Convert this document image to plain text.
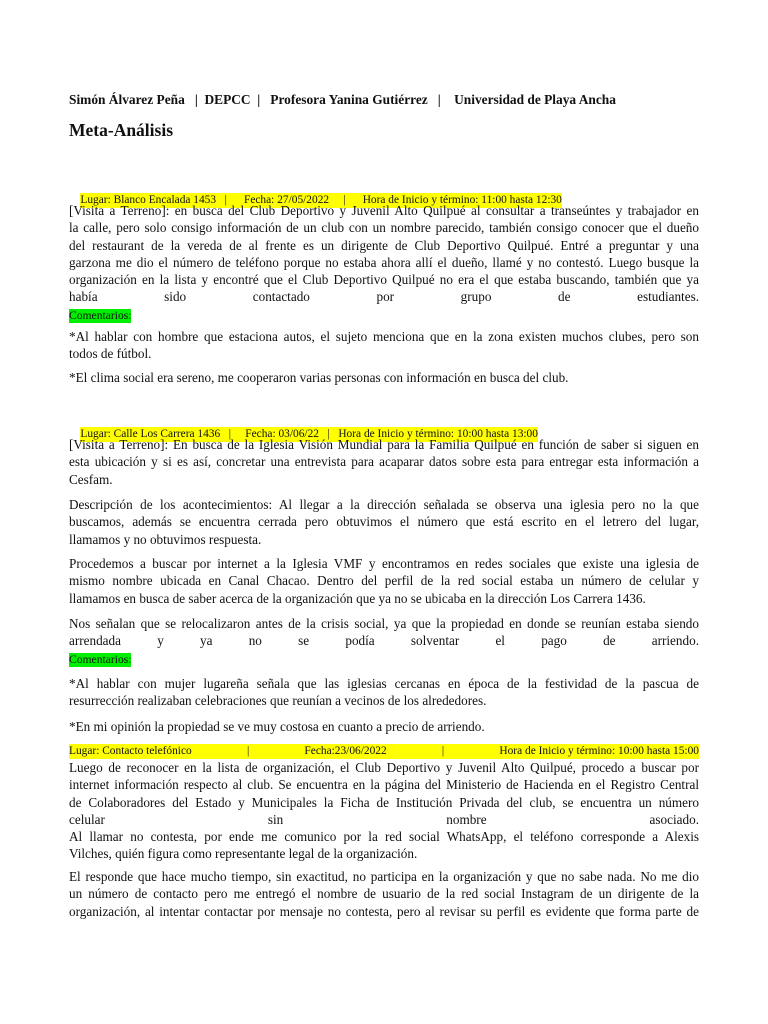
Simón Álvarez Peña   |  DEPCC  |   Profesora Yanina Gutiérrez   |    Universidad de Playa Ancha
Meta-Análisis

Lugar: Blanco Encalada 1453   |      Fecha: 27/05/2022     |      Hora de Inicio y término: 11:00 hasta 12:30

[Visita a Terreno]: en busca del Club Deportivo y Juvenil Alto Quilpué al consultar a transeúntes y trabajador en
la calle, pero solo consigo información de un club con un nombre parecido, también consigo conocer que el dueño
del restaurant de la vereda de al frente es un dirigente de Club Deportivo Quilpué. Entré a preguntar y una
garzona me dio el número de teléfono porque no estaba ahora allí el dueño, llamé y no contestó. Luego busque la
organización en la lista y encontré que el Club Deportivo Quilpué no era el que estaba buscando, también que ya
había sido contactado por grupo de estudiantes.
Comentarios:
*Al hablar con hombre que estaciona autos, el sujeto menciona que en la zona existen muchos clubes, pero son
todos de fútbol.
*El clima social era sereno, me cooperaron varias personas con información en busca del club.

Lugar: Calle Los Carrera 1436   |     Fecha: 03/06/22   |   Hora de Inicio y término: 10:00 hasta 13:00

[Visita a Terreno]: En busca de la Iglesia Visión Mundial para la Familia Quilpué en función de saber si siguen en
esta ubicación y si es así, concretar una entrevista para acaparar datos sobre esta para entregar esta información a
Cesfam.
Descripción de los acontecimientos: Al llegar a la dirección señalada se observa una iglesia pero no la que
buscamos, además se encuentra cerrada pero obtuvimos el número que está escrito en el letrero del lugar,
llamamos y no obtuvimos respuesta.
Procedemos a buscar por internet a la Iglesia VMF y encontramos en redes sociales que existe una iglesia de
mismo nombre ubicada en Canal Chacao. Dentro del perfil de la red social estaba un número de celular y
llamamos en busca de saber acerca de la organización que ya no se ubicaba en la dirección Los Carrera 1436.
Nos señalan que se relocalizaron antes de la crisis social, ya que la propiedad en donde se reunían estaba siendo
arrendada y ya no se podía solventar el pago de arriendo.
Comentarios:
*Al hablar con mujer lugareña señala que las iglesias cercanas en época de la festividad de la pascua de
resurrección realizaban celebraciones que reunían a vecinos de los alrededores.
*En mi opinión la propiedad se ve muy costosa en cuanto a precio de arriendo.
Lugar: Contacto telefónico	|	Fecha:23/06/2022	|	Hora de Inicio y término: 10:00 hasta 15:00
Luego de reconocer en la lista de organización, el Club Deportivo y Juvenil Alto Quilpué, procedo a buscar por
internet información respecto al club. Se encuentra en la página del Ministerio de Hacienda en el Registro Central
de Colaboradores del Estado y Municipales la Ficha de Institución Privada del club, se encuentra un número
celular sin nombre asociado.
Al llamar no contesta, por ende me comunico por la red social WhatsApp, el teléfono corresponde a Alexis
Vilches, quién figura como representante legal de la organización.
El responde que hace mucho tiempo, sin exactitud, no participa en la organización y que no sabe nada. No me dio
un número de contacto pero me entregó el nombre de usuario de la red social Instagram de un dirigente de la
organización, al intentar contactar por mensaje no contesta, pero al revisar su perfil es evidente que forma parte de
